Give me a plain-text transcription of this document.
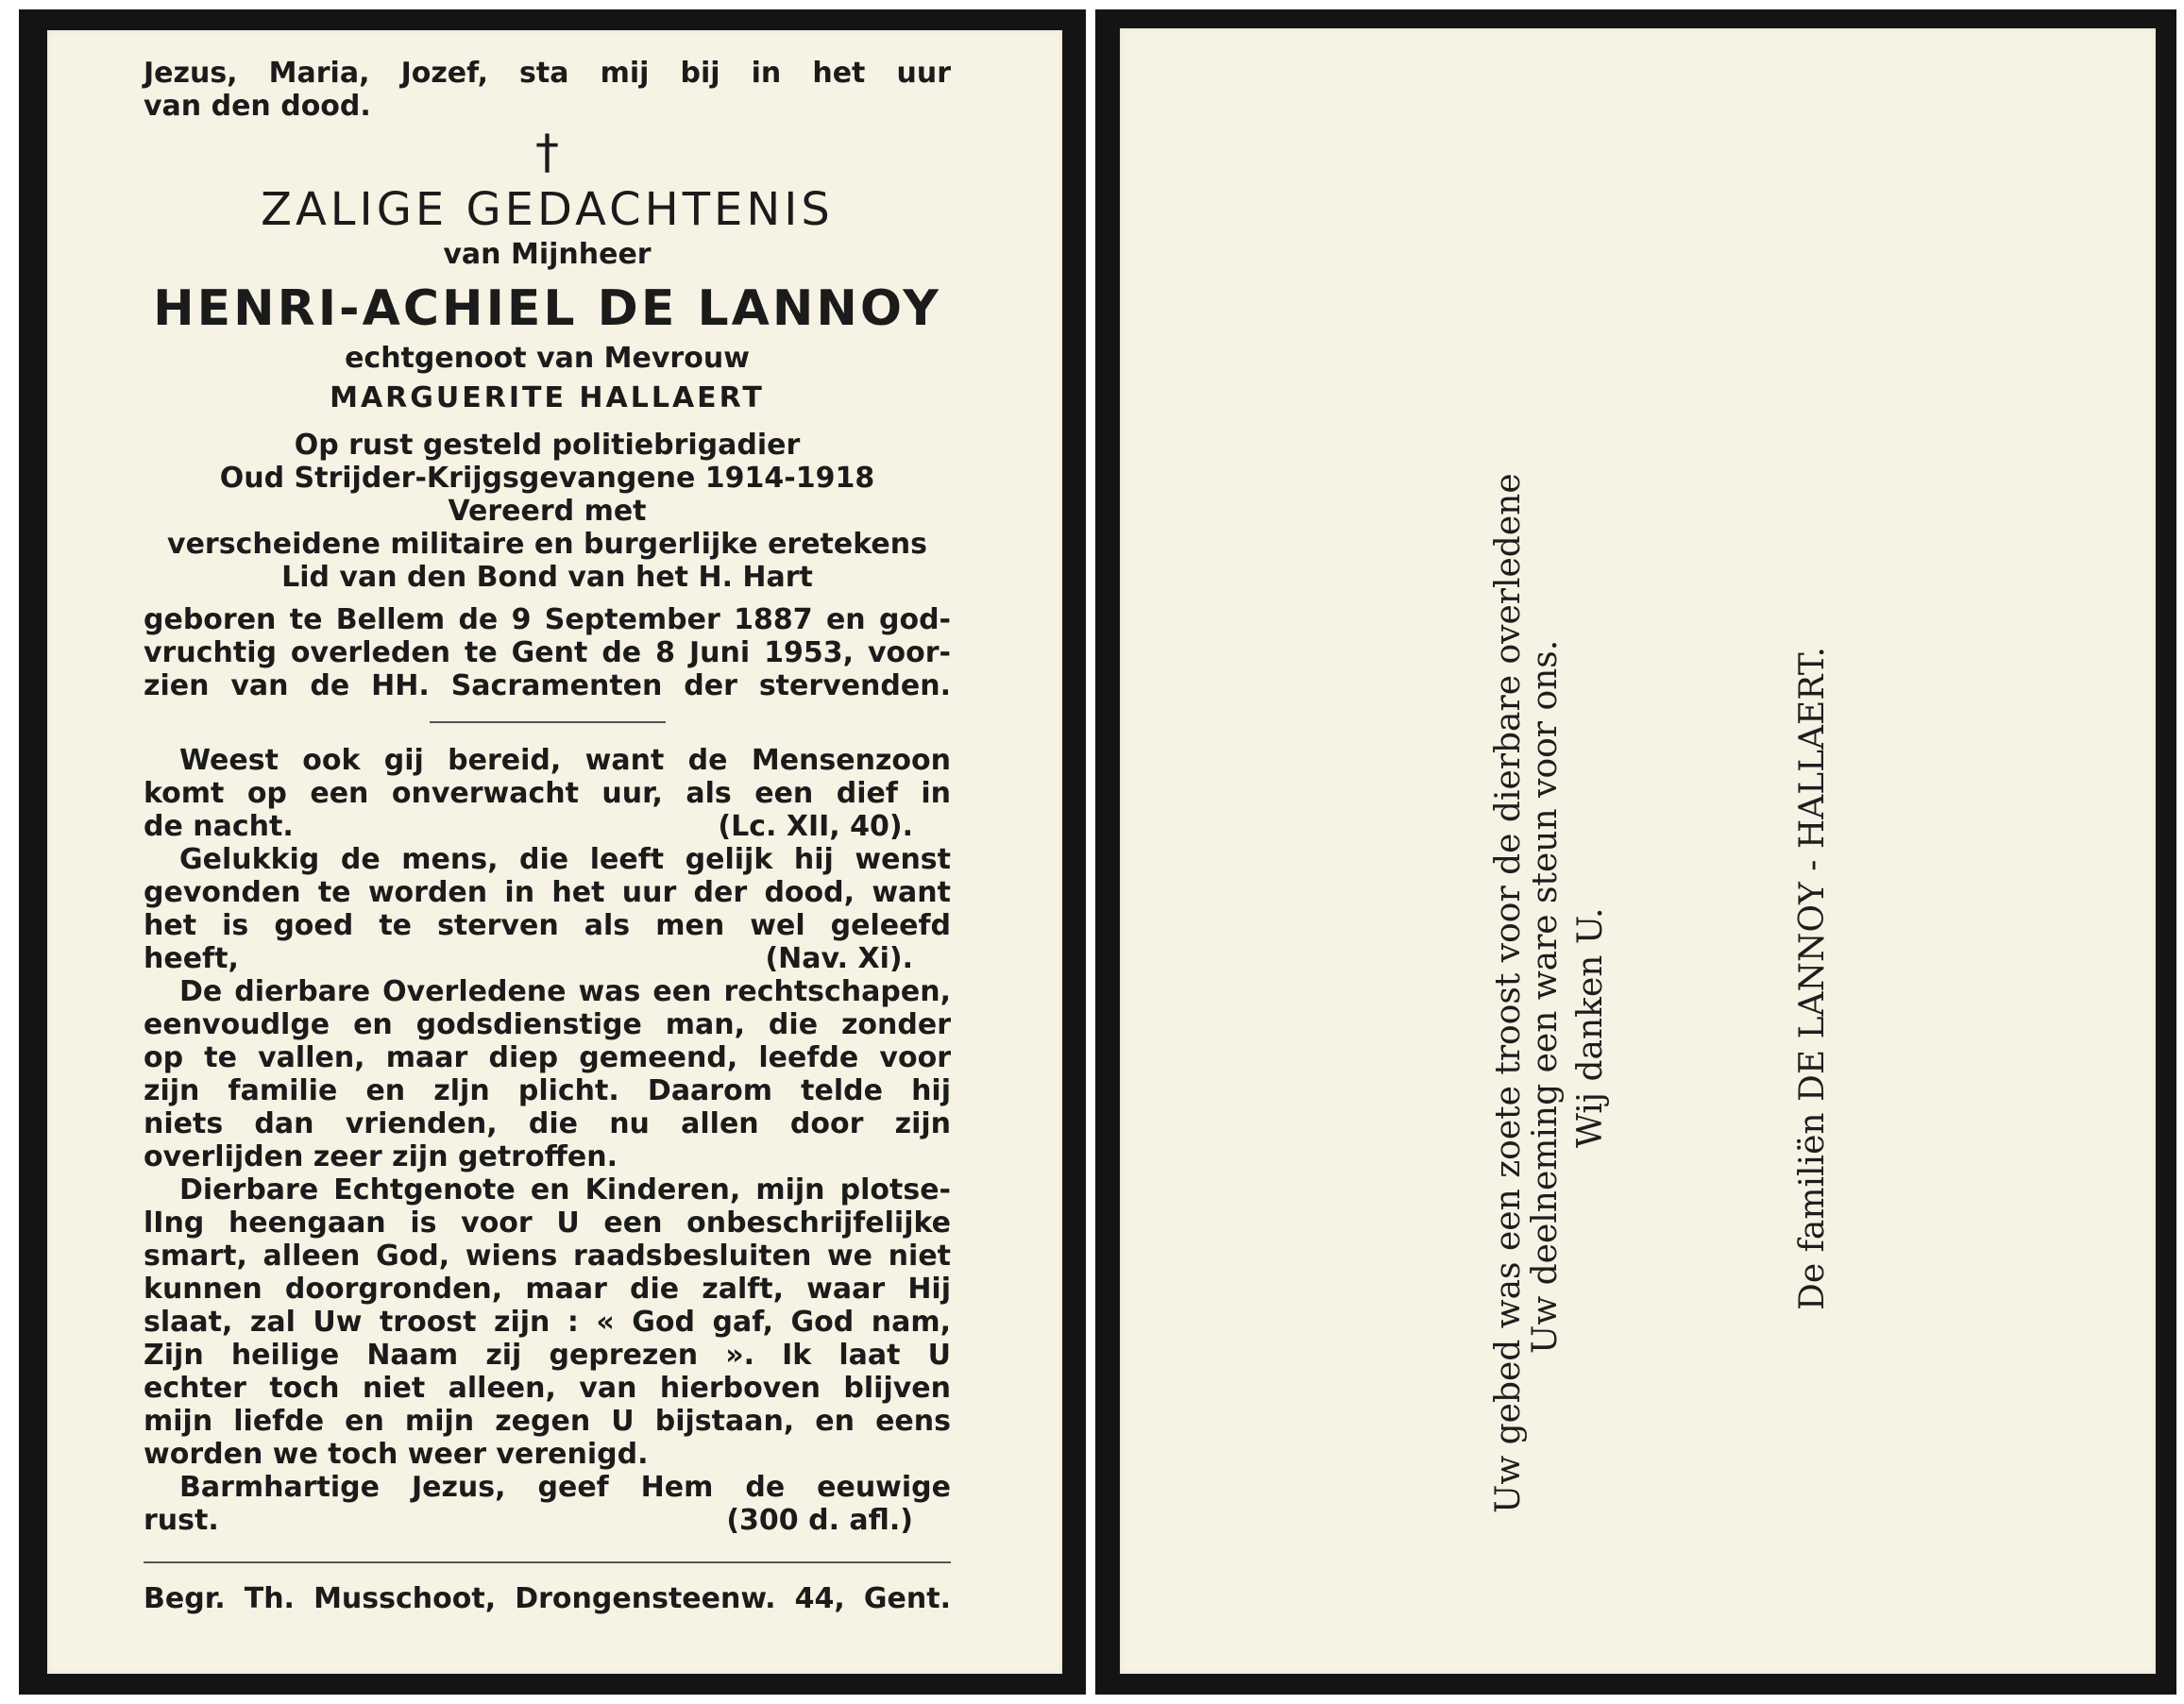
Jezus, Maria, Jozef, sta mij bij in het uur
van den dood.
†
ZALIGE GEDACHTENIS
van Mijnheer
HENRI-ACHIEL DE LANNOY
echtgenoot van Mevrouw
MARGUERITE HALLAERT
Op rust gesteld politiebrigadier
Oud Strijder-Krijgsgevangene 1914-1918
Vereerd met
verscheidene militaire en burgerlijke eretekens
Lid van den Bond van het H. Hart
geboren te Bellem de 9 September 1887 en god-
vruchtig overleden te Gent de 8 Juni 1953, voor-
zien van de HH. Sacramenten der stervenden.
Weest ook gij bereid, want de Mensenzoon
komt op een onverwacht uur, als een dief in
de nacht.	(Lc. XII, 40).
Gelukkig de mens, die leeft gelijk hij wenst
gevonden te worden in het uur der dood, want
het is goed te sterven als men wel geleefd
heeft,	(Nav. Xi).
De dierbare Overledene was een rechtschapen,
eenvoudlge en godsdienstige man, die zonder
op te vallen, maar diep gemeend, leefde voor
zijn familie en zljn plicht. Daarom telde hij
niets dan vrienden, die nu allen door zijn
overlijden zeer zijn getroffen.
Dierbare Echtgenote en Kinderen, mijn plotse-
lIng heengaan is voor U een onbeschrijfelijke
smart, alleen God, wiens raadsbesluiten we niet
kunnen doorgronden, maar die zalft, waar Hij
slaat, zal Uw troost zijn : « God gaf, God nam,
Zijn heilige Naam zij geprezen ». Ik laat U
echter toch niet alleen, van hierboven blijven
mijn liefde en mijn zegen U bijstaan, en eens
worden we toch weer verenigd.
Barmhartige Jezus, geef Hem de eeuwige
rust.	(300 d. afl.)
Begr. Th. Musschoot, Drongensteenw. 44, Gent.
Uw gebed was een zoete troost voor de dierbare overledene
Uw deelneming een ware steun voor ons. Wij danken U.	De familiën DE LANNOY - HALLAERT.
